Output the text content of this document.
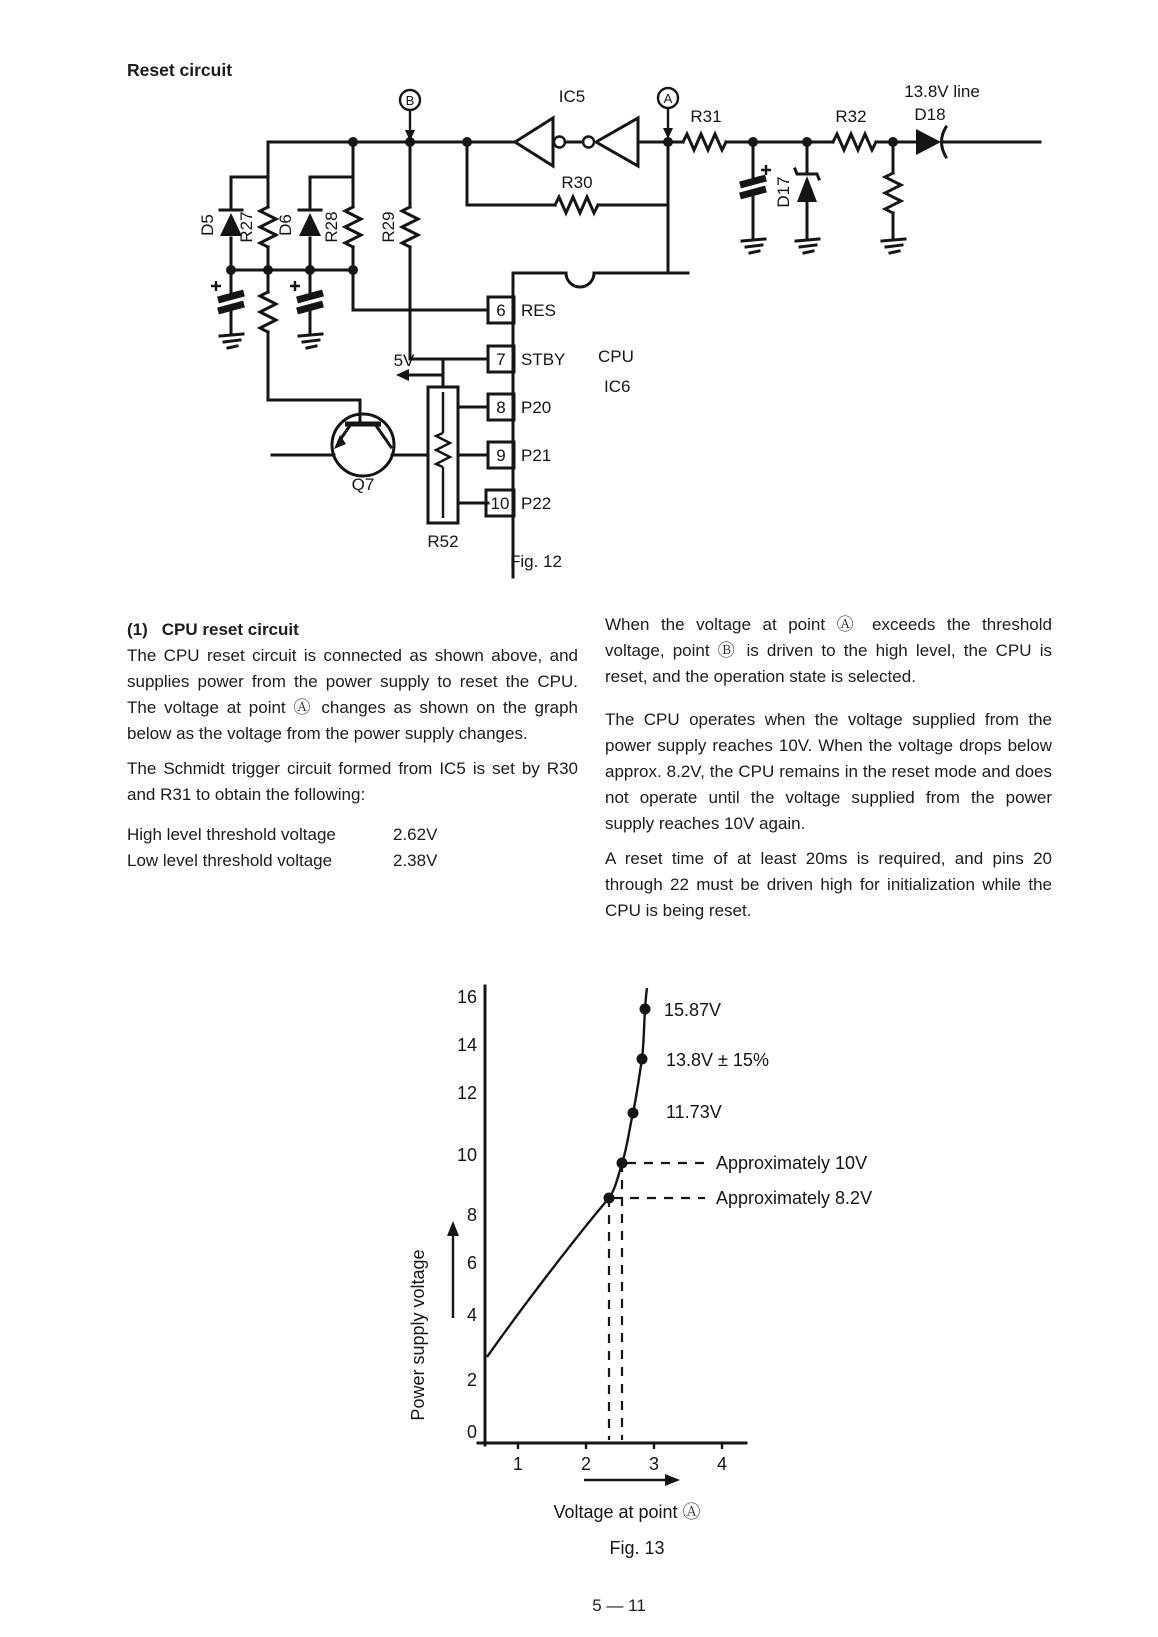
Reset circuit
B
D5 R27 D6 R28
Q7
R29
5V
R52
CPU
IC6
6 RES
7 STBY
8 P20
9 P21
10 P22
IC5
R30
A
R31
D17
R32	D18
13.8V line
Fig. 12

(1) CPU reset circuit

The CPU reset circuit is connected as shown above, and supplies power from the power supply to reset the CPU. The voltage at point Ⓐ changes as shown on the graph below as the voltage from the power supply changes.

The Schmidt trigger circuit formed from IC5 is set by R30 and R31 to obtain the following:

High level threshold voltage	2.62V
Low level threshold voltage	2.38V

When the voltage at point Ⓐ exceeds the threshold voltage, point Ⓑ is driven to the high level, the CPU is reset, and the operation state is selected.

The CPU operates when the voltage supplied from the power supply reaches 10V. When the voltage drops below approx. 8.2V, the CPU remains in the reset mode and does not operate until the voltage supplied from the power supply reaches 10V again.

A reset time of at least 20ms is required, and pins 20 through 22 must be driven high for initialization while the CPU is being reset.

16
14
12
10
8
6
4
2
0
1	2	3	4
15.87V
13.8V ± 15%
11.73V
Approximately 10V
Approximately 8.2V
Power supply voltage
Voltage at point Ⓐ
Fig. 13
5 — 11
